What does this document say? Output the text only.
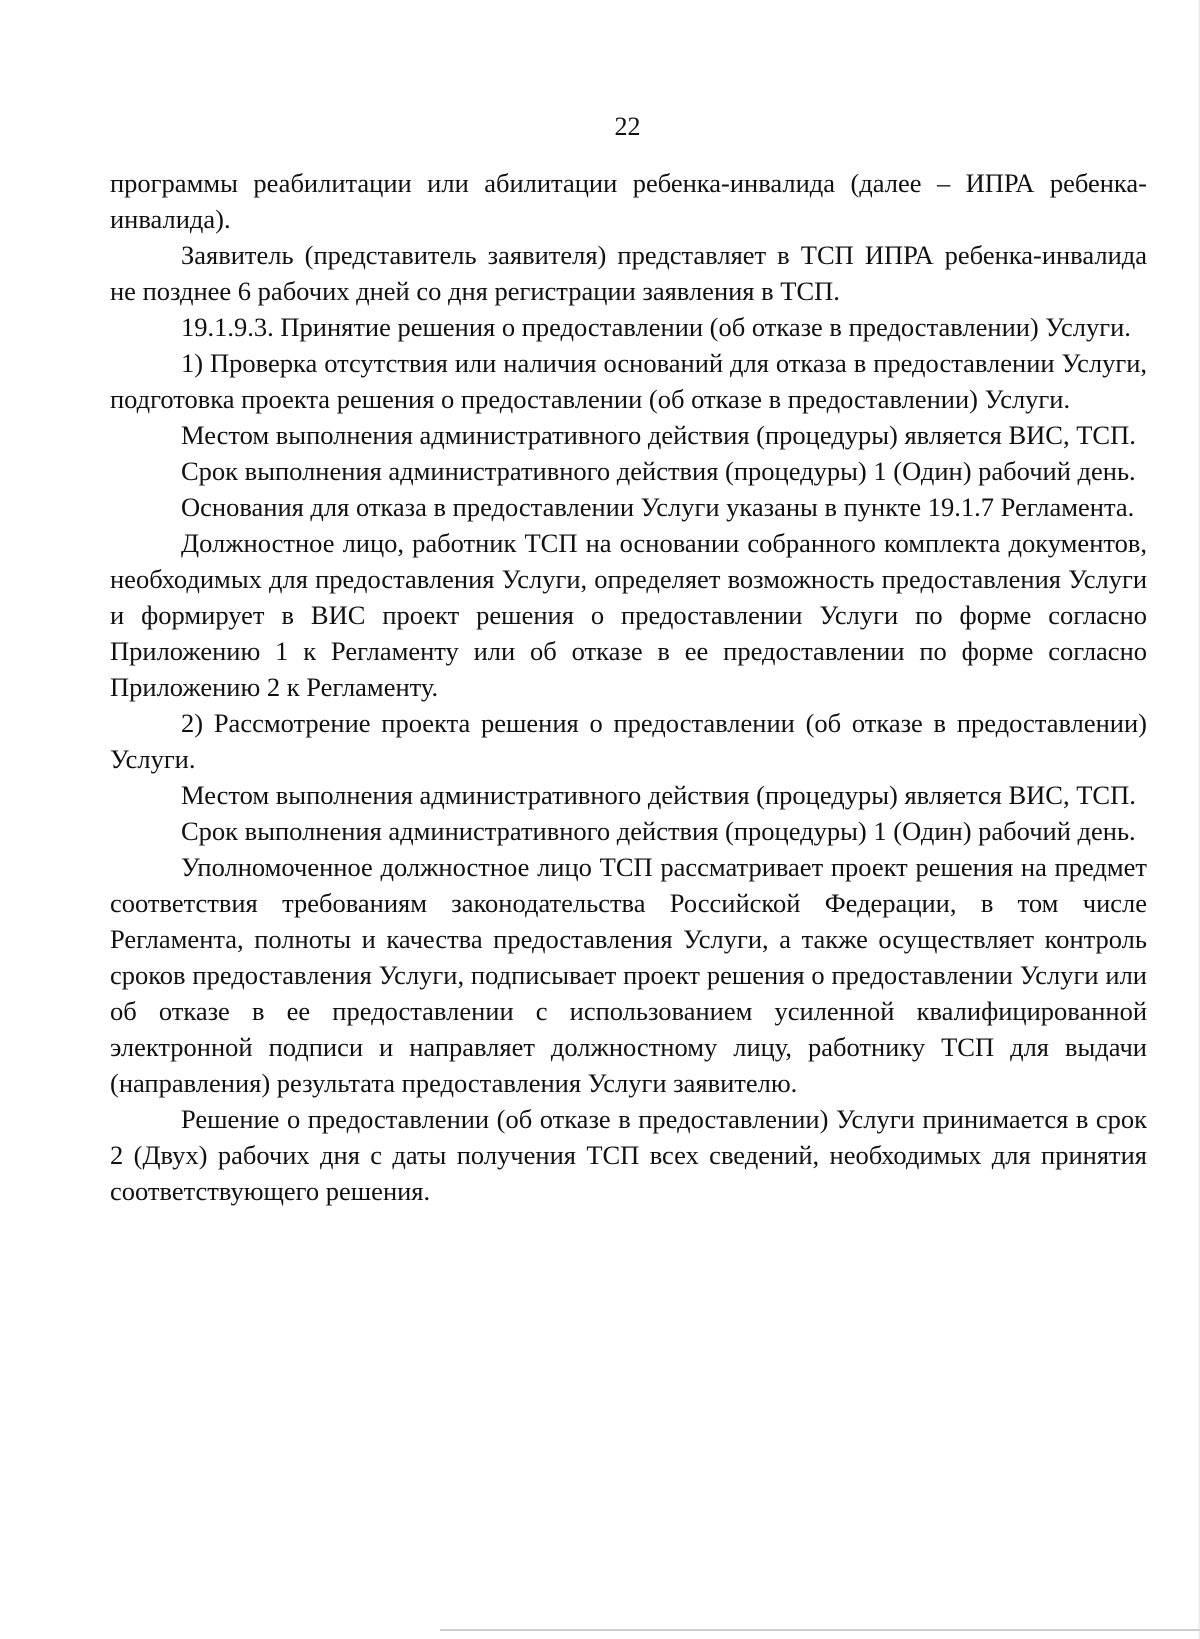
22

программы реабилитации или абилитации ребенка-инвалида (далее – ИПРА ребенка-инвалида).

Заявитель (представитель заявителя) представляет в ТСП ИПРА ребенка-инвалида не позднее 6 рабочих дней со дня регистрации заявления в ТСП.

19.1.9.3. Принятие решения о предоставлении (об отказе в предоставлении) Услуги.

1) Проверка отсутствия или наличия оснований для отказа в предоставлении Услуги, подготовка проекта решения о предоставлении (об отказе в предоставлении) Услуги.

Местом выполнения административного действия (процедуры) является ВИС, ТСП.

Срок выполнения административного действия (процедуры) 1 (Один) рабочий день.

Основания для отказа в предоставлении Услуги указаны в пункте 19.1.7 Регламента.

Должностное лицо, работник ТСП на основании собранного комплекта документов, необходимых для предоставления Услуги, определяет возможность предоставления Услуги и формирует в ВИС проект решения о предоставлении Услуги по форме согласно Приложению 1 к Регламенту или об отказе в ее предоставлении по форме согласно Приложению 2 к Регламенту.

2) Рассмотрение проекта решения о предоставлении (об отказе в предоставлении) Услуги.

Местом выполнения административного действия (процедуры) является ВИС, ТСП.

Срок выполнения административного действия (процедуры) 1 (Один) рабочий день.

Уполномоченное должностное лицо ТСП рассматривает проект решения на предмет соответствия требованиям законодательства Российской Федерации, в том числе Регламента, полноты и качества предоставления Услуги, а также осуществляет контроль сроков предоставления Услуги, подписывает проект решения о предоставлении Услуги или об отказе в ее предоставлении с использованием усиленной квалифицированной электронной подписи и направляет должностному лицу, работнику ТСП для выдачи (направления) результата предоставления Услуги заявителю.

Решение о предоставлении (об отказе в предоставлении) Услуги принимается в срок 2 (Двух) рабочих дня с даты получения ТСП всех сведений, необходимых для принятия соответствующего решения.
